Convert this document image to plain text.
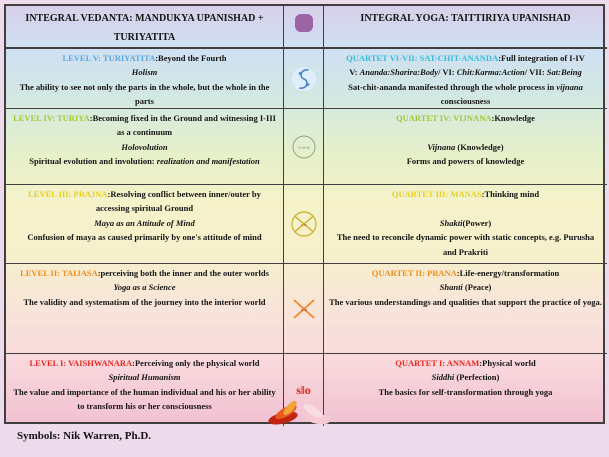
INTEGRAL VEDANTA: MANDUKYA UPANISHAD + TURIYATITA
INTEGRAL YOGA: TAITTIRIYA UPANISHAD
LEVEL V: TURIYATITA:Beyond the Fourth
Holism
The ability to see not only the parts in the whole, but the whole in the parts
QUARTET VI-VII: SAT-CHIT-ANANDA:Full integration of I-IV
V: Ananda:Sharira:Body/ VI: Chit:Karma:Action/ VII: Sat:Being
Sat-chit-ananda manifested through the whole process in vijnana consciousness
LEVEL IV: TURIYA:Becoming fixed in the Ground and witnessing I-III as a continuum
Holovolution
Spiritual evolution and involution: realization and manifestation
s-o-o
QUARTET IV: VIJNANA:Knowledge

Vijnana (Knowledge)
Forms and powers of knowledge
LEVEL III: PRAJNA:Resolving conflict between inner/outer by accessing spiritual Ground
Maya as an Attitude of Mind
Confusion of maya as caused primarily by one's attitude of mind
s o
QUARTET III: MANAS:Thinking mind

Shakti(Power)
The need to reconcile dynamic power with static concepts, e.g. Purusha and Prakriti
LEVEL II: TAIJASA:perceiving both the inner and the outer worlds
Yoga as a Science
The validity and systematism of the journey into the interior world
s-o
QUARTET II: PRANA:Life-energy/transformation
Shanti (Peace)
The various understandings and qualities that support the practice of yoga.
LEVEL I: VAISHWANARA:Perceiving only the physical world
Spiritual Humanism
The value and importance of the human individual and his or her ability to transform his or her consciousness
s‖o
QUARTET I: ANNAM:Physical world
Siddhi (Perfection)
The basics for self-transformation through yoga
Symbols: Nik Warren, Ph.D.
